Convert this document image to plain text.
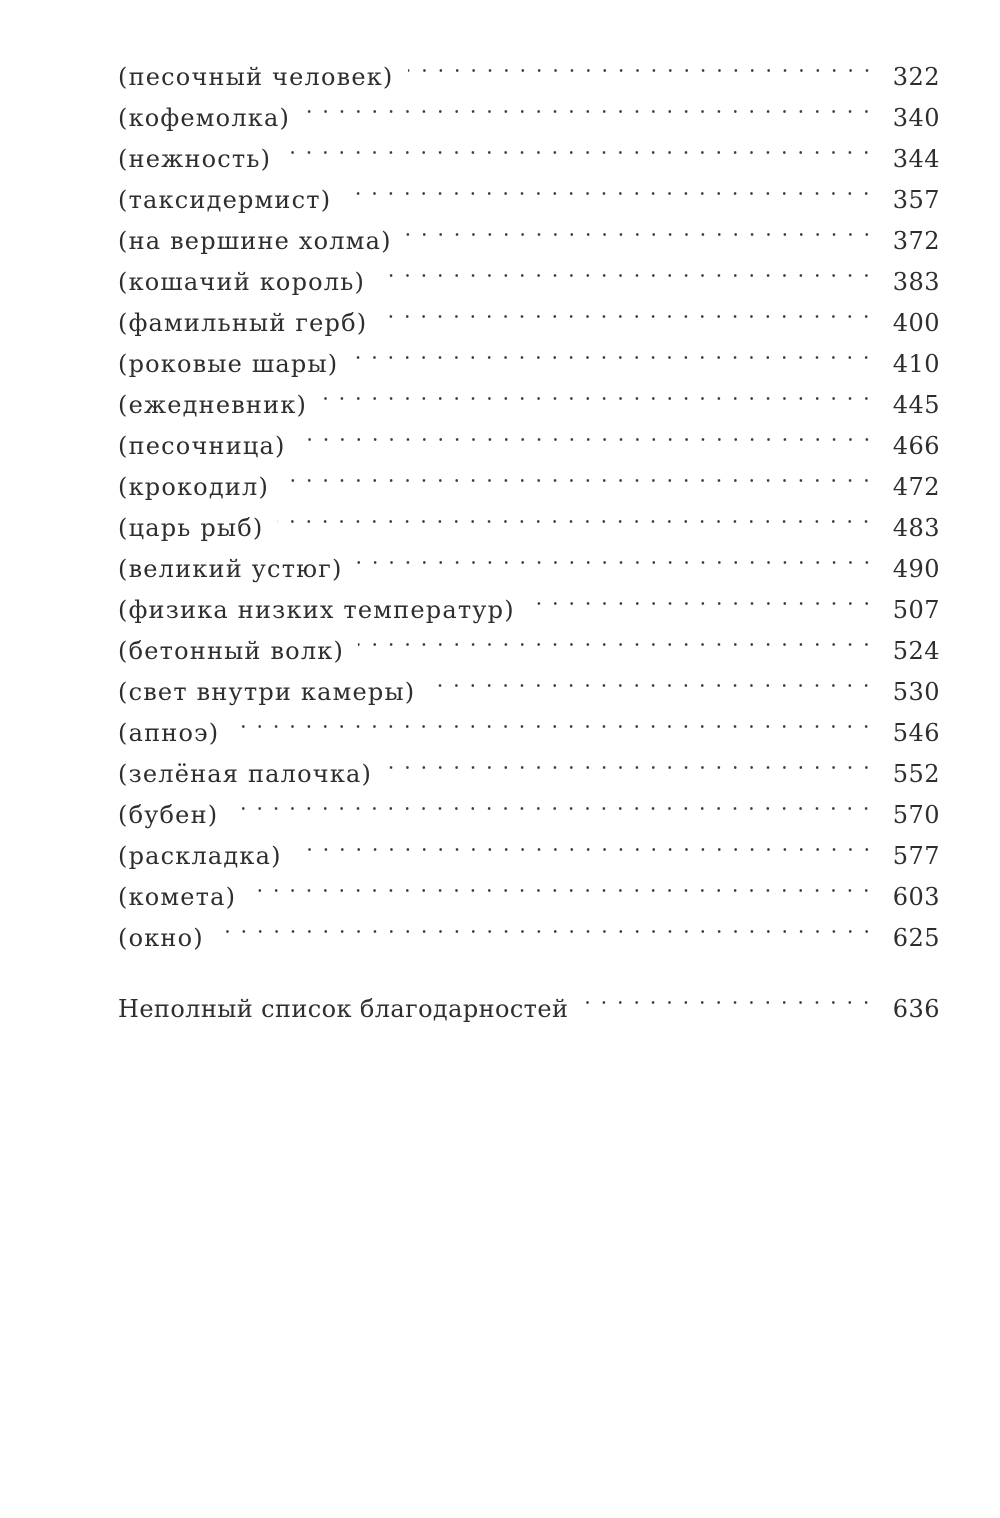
(песочный человек)	322
(кофемолка)	340
(нежность)	344
(таксидермист)	357
(на вершине холма)	372
(кошачий король)	383
(фамильный герб)	400
(роковые шары)	410
(ежедневник)	445
(песочница)	466
(крокодил)	472
(царь рыб)	483
(великий устюг)	490
(физика низких температур)	507
(бетонный волк)	524
(свет внутри камеры)	530
(апноэ)	546
(зелёная палочка)	552
(бубен)	570
(раскладка)	577
(комета)	603
(окно)	625
Неполный список благодарностей	636
